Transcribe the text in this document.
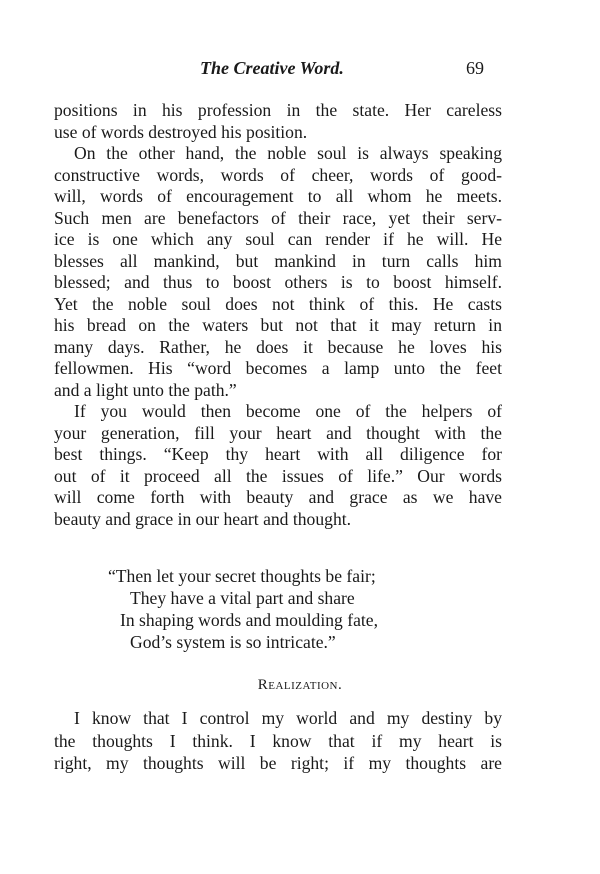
The Creative Word.	69
positions in his profession in the state. Her careless
use of words destroyed his position.
On the other hand, the noble soul is always speaking
constructive words, words of cheer, words of good-
will, words of encouragement to all whom he meets.
Such men are benefactors of their race, yet their serv-
ice is one which any soul can render if he will. He
blesses all mankind, but mankind in turn calls him
blessed; and thus to boost others is to boost himself.
Yet the noble soul does not think of this. He casts
his bread on the waters but not that it may return in
many days. Rather, he does it because he loves his
fellowmen. His “word becomes a lamp unto the feet
and a light unto the path.”
If you would then become one of the helpers of
your generation, fill your heart and thought with the
best things. “Keep thy heart with all diligence for
out of it proceed all the issues of life.” Our words
will come forth with beauty and grace as we have
beauty and grace in our heart and thought.
“Then let your secret thoughts be fair;
They have a vital part and share
In shaping words and moulding fate,
God’s system is so intricate.”
Realization.
I know that I control my world and my destiny by
the thoughts I think. I know that if my heart is
right, my thoughts will be right; if my thoughts are
